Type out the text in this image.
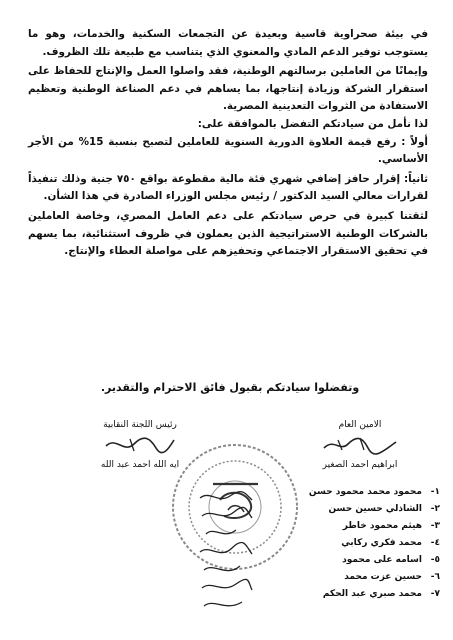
في بيئة صحراوية قاسية وبعيدة عن التجمعات السكنية والخدمات، وهو ما يستوجب توفير الدعم المادي والمعنوي الذي يتناسب مع طبيعة تلك الظروف.

وإيمانًا من العاملين برسالتهم الوطنية، فقد واصلوا العمل والإنتاج للحفاظ على استقرار الشركة وزيادة إنتاجها، بما يساهم في دعم الصناعة الوطنية وتعظيم الاستفادة من الثروات التعدينية المصرية.

لذا نأمل من سيادتكم التفضل بالموافقة على:

أولاً : رفع قيمة العلاوة الدورية السنوية للعاملين لتصبح بنسبة 15% من الأجر الأساسي.

ثانياً: إقرار حافز إضافي شهري فئة مالية مقطوعة بواقع ٧٥٠ جنية وذلك تنفيذاً لقرارات معالي السيد الدكتور / رئيس مجلس الوزراء الصادرة في هذا الشأن.

لثقتنا كبيرة في حرص سيادتكم على دعم العامل المصري، وخاصة العاملين بالشركات الوطنية الاستراتيجية الذين يعملون في ظروف استثنائية، بما يسهم في تحقيق الاستقرار الاجتماعي وتحفيزهم على مواصلة العطاء والإنتاج.

وتفضلوا سيادتكم بقبول فائق الاحترام والتقدير.
الامين العام
ابراهيم احمد الصغير
رئيس اللجنة النقابية
ايه الله احمد عبد الله
١-
محمود محمد محمود حسن
٢-
الشاذلي حسين حسن
٣-
هيثم محمود خاطر
٤-
محمد فكري ركابي
٥-
اسامه على محمود
٦-
حسين عزت محمد
٧-
محمد صبري عبد الحكم
